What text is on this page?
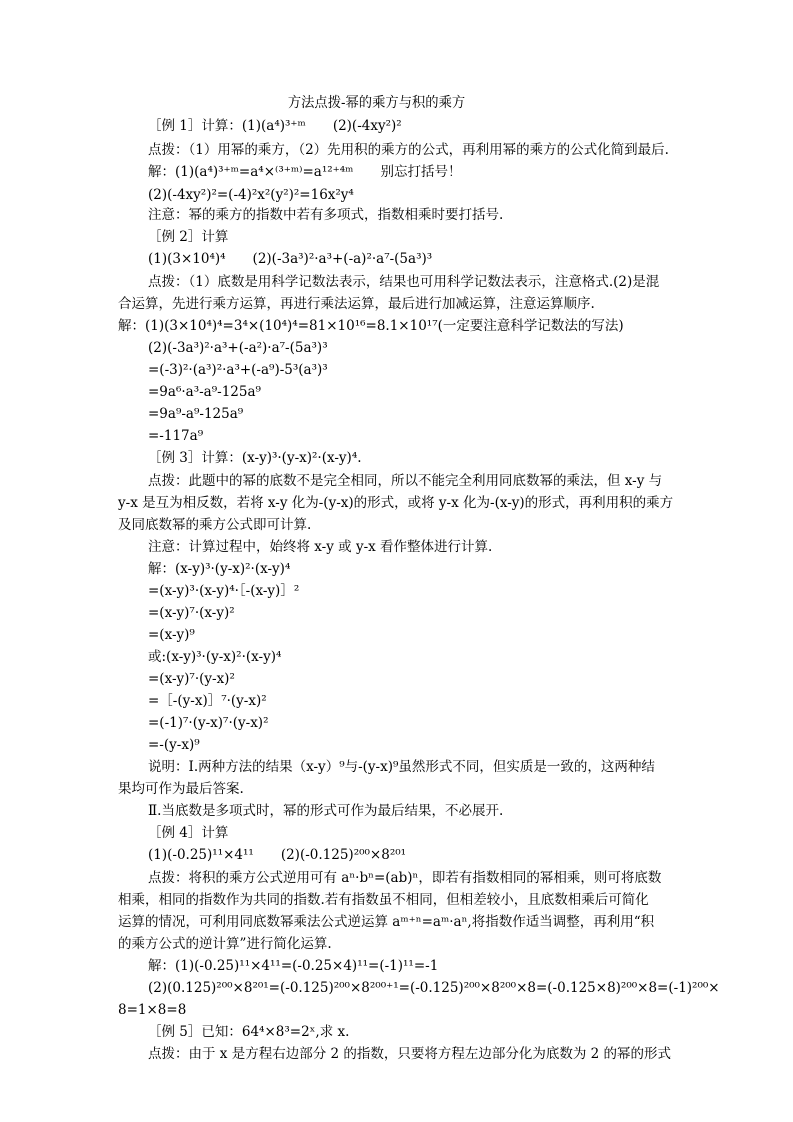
方法点拨-幂的乘方与积的乘方
［例 1］计算：(1)(a⁴)³⁺ᵐ　　(2)(-4xy²)²
点拨：（1）用幂的乘方，（2）先用积的乘方的公式，再利用幂的乘方的公式化简到最后.
解：(1)(a⁴)³⁺ᵐ=a⁴×⁽³⁺ᵐ⁾=a¹²⁺⁴ᵐ　　别忘打括号！
(2)(-4xy²)²=(-4)²x²(y²)²=16x²y⁴
注意：幂的乘方的指数中若有多项式，指数相乘时要打括号.
［例 2］计算
(1)(3×10⁴)⁴　　(2)(-3a³)²·a³+(-a)²·a⁷-(5a³)³
点拨：（1）底数是用科学记数法表示，结果也可用科学记数法表示，注意格式.(2)是混
合运算，先进行乘方运算，再进行乘法运算，最后进行加减运算，注意运算顺序.
解：(1)(3×10⁴)⁴=3⁴×(10⁴)⁴=81×10¹⁶=8.1×10¹⁷(一定要注意科学记数法的写法)
(2)(-3a³)²·a³+(-a²)·a⁷-(5a³)³
=(-3)²·(a³)²·a³+(-a⁹)-5³(a³)³
=9a⁶·a³-a⁹-125a⁹
=9a⁹-a⁹-125a⁹
=-117a⁹
［例 3］计算：(x-y)³·(y-x)²·(x-y)⁴.
点拨：此题中的幂的底数不是完全相同，所以不能完全利用同底数幂的乘法，但 x-y 与
y-x 是互为相反数，若将 x-y 化为-(y-x)的形式，或将 y-x 化为-(x-y)的形式，再利用积的乘方
及同底数幂的乘方公式即可计算.
注意：计算过程中，始终将 x-y 或 y-x 看作整体进行计算.
解：(x-y)³·(y-x)²·(x-y)⁴
=(x-y)³·(x-y)⁴·［-(x-y)］²
=(x-y)⁷·(x-y)²
=(x-y)⁹
或:(x-y)³·(y-x)²·(x-y)⁴
=(x-y)⁷·(y-x)²
=［-(y-x)］⁷·(y-x)²
=(-1)⁷·(y-x)⁷·(y-x)²
=-(y-x)⁹
说明：Ⅰ.两种方法的结果（x-y）⁹与-(y-x)⁹虽然形式不同，但实质是一致的，这两种结
果均可作为最后答案.
Ⅱ.当底数是多项式时，幂的形式可作为最后结果，不必展开.
［例 4］计算
(1)(-0.25)¹¹×4¹¹　　(2)(-0.125)²⁰⁰×8²⁰¹
点拨：将积的乘方公式逆用可有 aⁿ·bⁿ=(ab)ⁿ，即若有指数相同的幂相乘，则可将底数
相乘，相同的指数作为共同的指数.若有指数虽不相同，但相差较小，且底数相乘后可简化
运算的情况，可利用同底数幂乘法公式逆运算 aᵐ⁺ⁿ=aᵐ·aⁿ,将指数作适当调整，再利用“积
的乘方公式的逆计算”进行简化运算.
解：(1)(-0.25)¹¹×4¹¹=(-0.25×4)¹¹=(-1)¹¹=-1
(2)(0.125)²⁰⁰×8²⁰¹=(-0.125)²⁰⁰×8²⁰⁰⁺¹=(-0.125)²⁰⁰×8²⁰⁰×8=(-0.125×8)²⁰⁰×8=(-1)²⁰⁰×
8=1×8=8
［例 5］已知：64⁴×8³=2ˣ,求 x.
点拨：由于 x 是方程右边部分 2 的指数，只要将方程左边部分化为底数为 2 的幂的形式
